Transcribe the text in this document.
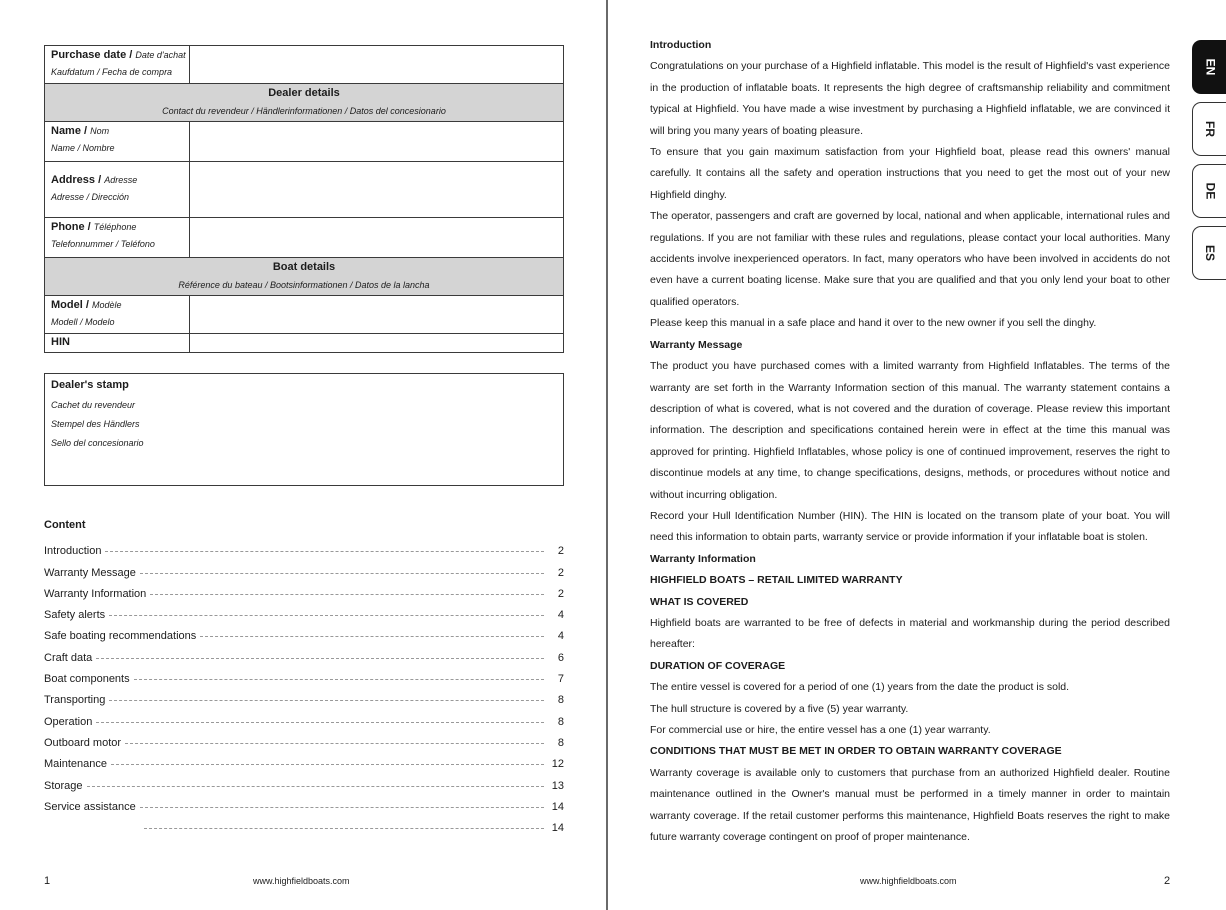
Purchase date / Date d'achat
Kaufdatum / Fecha de compra	

Dealer details
Contact du revendeur / Händlerinformationen / Datos del concesionario	

Name / Nom
Name / Nombre	

Address / Adresse
Adresse / Dirección	

Phone / Téléphone
Telefonnummer / Teléfono	

Boat details
Référence du bateau / Bootsinformationen / Datos de la lancha	

Model / Modèle
Modell / Modelo	

HIN	

Dealer's stamp
Cachet du revendeur
Stempel des Händlers
Sello del concesionario
Content
Introduction	2
Warranty Message	2
Warranty Information	2
Safety alerts	4
Safe boating recommendations	4
Craft data	6
Boat components	7
Transporting	8
Operation	8
Outboard motor	8
Maintenance	12
Storage	13
Service assistance	14
14
1	www.highfieldboats.com
Introduction

Congratulations on your purchase of a Highfield inflatable. This model is the result of Highfield's vast experience in the production of inflatable boats. It represents the high degree of craftsmanship reliability and commitment typical at Highfield. You have made a wise investment by purchasing a Highfield inflatable, we are convinced it will bring you many years of boating pleasure.

To ensure that you gain maximum satisfaction from your Highfield boat, please read this owners' manual carefully. It contains all the safety and operation instructions that you need to get the most out of your new Highfield dinghy.

The operator, passengers and craft are governed by local, national and when applicable, international rules and regulations. If you are not familiar with these rules and regulations, please contact your local authorities. Many accidents involve inexperienced operators. In fact, many operators who have been involved in accidents do not even have a current boating license. Make sure that you are qualified and that you only lend your boat to other qualified operators.

Please keep this manual in a safe place and hand it over to the new owner if you sell the dinghy.

Warranty Message

The product you have purchased comes with a limited warranty from Highfield Inflatables. The terms of the warranty are set forth in the Warranty Information section of this manual. The warranty statement contains a description of what is covered, what is not covered and the duration of coverage. Please review this important information. The description and specifications contained herein were in effect at the time this manual was approved for printing. Highfield Inflatables, whose policy is one of continued improvement, reserves the right to discontinue models at any time, to change specifications, designs, methods, or procedures without notice and without incurring obligation.

Record your Hull Identification Number (HIN). The HIN is located on the transom plate of your boat. You will need this information to obtain parts, warranty service or provide information if your inflatable boat is stolen.

Warranty Information
HIGHFIELD BOATS – RETAIL LIMITED WARRANTY
WHAT IS COVERED

Highfield boats are warranted to be free of defects in material and workmanship during the period described hereafter:

DURATION OF COVERAGE

The entire vessel is covered for a period of one (1) years from the date the product is sold.

The hull structure is covered by a five (5) year warranty.

For commercial use or hire, the entire vessel has a one (1) year warranty.

CONDITIONS THAT MUST BE MET IN ORDER TO OBTAIN WARRANTY COVERAGE

Warranty coverage is available only to customers that purchase from an authorized Highfield dealer. Routine maintenance outlined in the Owner's manual must be performed in a timely manner in order to maintain warranty coverage. If the retail customer performs this maintenance, Highfield Boats reserves the right to make future warranty coverage contingent on proof of proper maintenance.

EN
FR
DE
ES
www.highfieldboats.com	2
